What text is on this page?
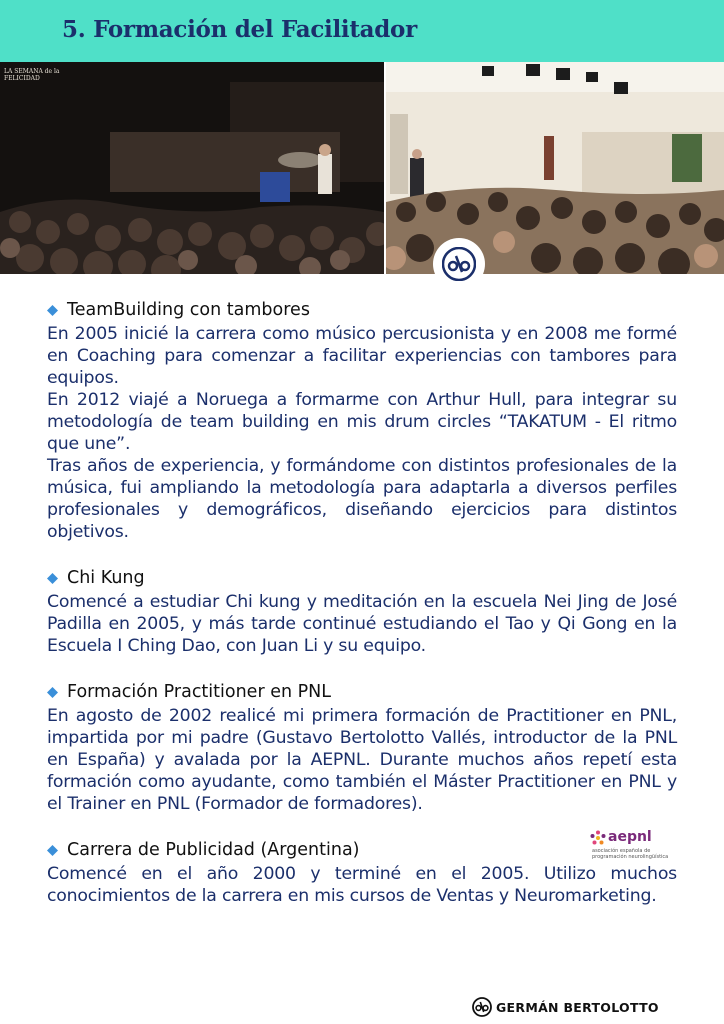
5. Formación del Facilitador
LA SEMANA de la FELICIDAD
TeamBuilding con tambores

En 2005 inicié la carrera como músico percusionista y en 2008 me formé en Coaching para comenzar a facilitar experiencias con tambores para equipos.

En 2012 viajé a Noruega a formarme con Arthur Hull, para integrar su metodología de team building en mis drum circles “TAKATUM - El ritmo que une”.

Tras años de experiencia, y formándome con distintos profesionales de la música, fui ampliando la metodología para adaptarla a diversos perfiles profesionales y demográficos, diseñando ejercicios para distintos objetivos.

Chi Kung

Comencé a estudiar Chi kung y meditación en la escuela Nei Jing de José Padilla en 2005, y más tarde continué estudiando el Tao y Qi Gong en la Escuela I Ching Dao, con Juan Li y su equipo.

Formación Practitioner en PNL

En agosto de 2002 realicé mi primera formación de Practitioner en PNL, impartida por mi padre (Gustavo Bertolotto Vallés, introductor de la PNL en España) y avalada por la AEPNL. Durante muchos años repetí esta formación como ayudante, como también el Máster Practitioner en PNL y el Trainer en PNL (Formador de formadores).

Carrera de Publicidad (Argentina)

Comencé en el año 2000 y terminé en el 2005. Utilizo muchos conocimientos de la carrera en mis cursos de Ventas y Neuromarketing.

aepnl
asociación española de programación neurolingüística
GERMÁN BERTOLOTTO
